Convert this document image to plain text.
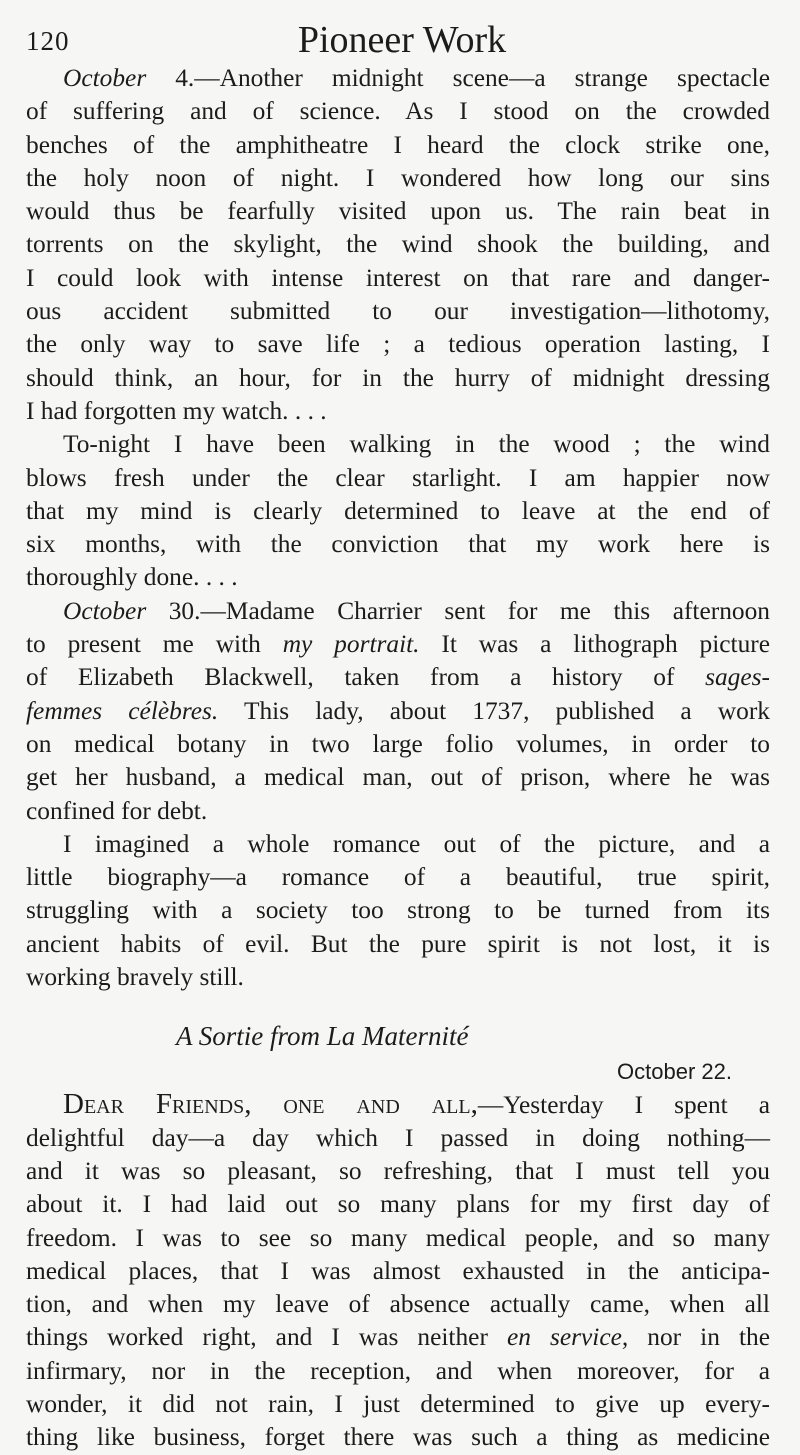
120	Pioneer Work
October 4.—Another midnight scene—a strange spectacle
of suffering and of science. As I stood on the crowded
benches of the amphitheatre I heard the clock strike one,
the holy noon of night. I wondered how long our sins
would thus be fearfully visited upon us. The rain beat in
torrents on the skylight, the wind shook the building, and
I could look with intense interest on that rare and danger-
ous accident submitted to our investigation—lithotomy,
the only way to save life ; a tedious operation lasting, I
should think, an hour, for in the hurry of midnight dressing
I had forgotten my watch. . . .
To-night I have been walking in the wood ; the wind
blows fresh under the clear starlight. I am happier now
that my mind is clearly determined to leave at the end of
six months, with the conviction that my work here is
thoroughly done. . . .
October 30.—Madame Charrier sent for me this afternoon
to present me with my portrait. It was a lithograph picture
of Elizabeth Blackwell, taken from a history of sages-
femmes célèbres. This lady, about 1737, published a work
on medical botany in two large folio volumes, in order to
get her husband, a medical man, out of prison, where he was
confined for debt.
I imagined a whole romance out of the picture, and a
little biography—a romance of a beautiful, true spirit,
struggling with a society too strong to be turned from its
ancient habits of evil. But the pure spirit is not lost, it is
working bravely still.
A Sortie from La Maternité
October 22.
Dear Friends, one and all,—Yesterday I spent a
delightful day—a day which I passed in doing nothing—
and it was so pleasant, so refreshing, that I must tell you
about it. I had laid out so many plans for my first day of
freedom. I was to see so many medical people, and so many
medical places, that I was almost exhausted in the anticipa-
tion, and when my leave of absence actually came, when all
things worked right, and I was neither en service, nor in the
infirmary, nor in the reception, and when moreover, for a
wonder, it did not rain, I just determined to give up every-
thing like business, forget there was such a thing as medicine
